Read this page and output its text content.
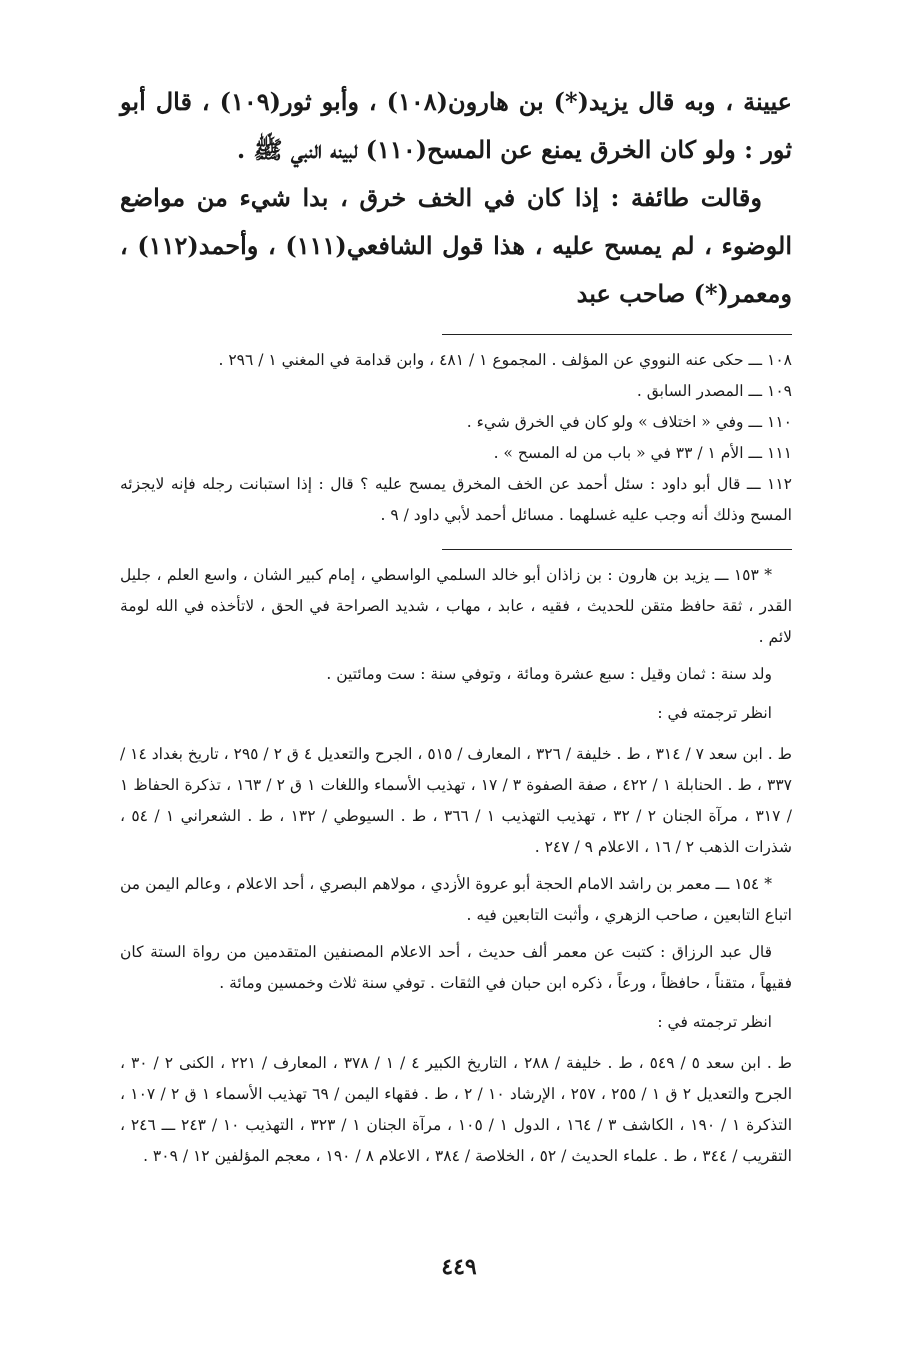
عيينة ، وبه قال يزيد(*) بن هارون(١٠٨) ، وأبو ثور(١٠٩) ، قال أبو ثور : ولو كان الخرق يمنع عن المسح(١١٠) لبينه النبي ﷺ .

وقالت طائفة : إذا كان في الخف خرق ، بدا شيء من مواضع الوضوء ، لم يمسح عليه ، هذا قول الشافعي(١١١) ، وأحمد(١١٢) ، ومعمر(*) صاحب عبد

١٠٨ ـــ حكى عنه النووي عن المؤلف . المجموع ١ / ٤٨١ ، وابن قدامة في المغني ١ / ٢٩٦ .

١٠٩ ـــ المصدر السابق .

١١٠ ـــ وفي « اختلاف » ولو كان في الخرق شيء .

١١١ ـــ الأم ١ / ٣٣ في « باب من له المسح » .

١١٢ ـــ قال أبو داود : سئل أحمد عن الخف المخرق يمسح عليه ؟ قال : إذا استبانت رجله فإنه لايجزئه المسح وذلك أنه وجب عليه غسلهما . مسائل أحمد لأبي داود / ٩ .

* ١٥٣ ـــ يزيد بن هارون : بن زاذان أبو خالد السلمي الواسطي ، إمام كبير الشان ، واسع العلم ، جليل القدر ، ثقة حافظ متقن للحديث ، فقيه ، عابد ، مهاب ، شديد الصراحة في الحق ، لاتأخذه في الله لومة لائم .

ولد سنة : ثمان وقيل : سبع عشرة ومائة ، وتوفي سنة : ست ومائتين .

انظر ترجمته في :

ط . ابن سعد ٧ / ٣١٤ ، ط . خليفة / ٣٢٦ ، المعارف / ٥١٥ ، الجرح والتعديل ٤ ق ٢ / ٢٩٥ ، تاريخ بغداد ١٤ / ٣٣٧ ، ط . الحنابلة ١ / ٤٢٢ ، صفة الصفوة ٣ / ١٧ ، تهذيب الأسماء واللغات ١ ق ٢ / ١٦٣ ، تذكرة الحفاظ ١ / ٣١٧ ، مرآة الجنان ٢ / ٣٢ ، تهذيب التهذيب ١ / ٣٦٦ ، ط . السيوطي / ١٣٢ ، ط . الشعراني ١ / ٥٤ ، شذرات الذهب ٢ / ١٦ ، الاعلام ٩ / ٢٤٧ .

* ١٥٤ ـــ معمر بن راشد الامام الحجة أبو عروة الأزدي ، مولاهم البصري ، أحد الاعلام ، وعالم اليمن من اتباع التابعين ، صاحب الزهري ، وأثبت التابعين فيه .

قال عبد الرزاق : كتبت عن معمر ألف حديث ، أحد الاعلام المصنفين المتقدمين من رواة الستة كان فقيهاً ، متقناً ، حافظاً ، ورعاً ، ذكره ابن حبان في الثقات . توفي سنة ثلاث وخمسين ومائة .

انظر ترجمته في :

ط . ابن سعد ٥ / ٥٤٩ ، ط . خليفة / ٢٨٨ ، التاريخ الكبير ٤ / ١ / ٣٧٨ ، المعارف / ٢٢١ ، الكنى ٢ / ٣٠ ، الجرح والتعديل ٢ ق ١ / ٢٥٥ ، ٢٥٧ ، الإرشاد ١٠ / ٢ ، ط . فقهاء اليمن / ٦٩ تهذيب الأسماء ١ ق ٢ / ١٠٧ ، التذكرة ١ / ١٩٠ ، الكاشف ٣ / ١٦٤ ، الدول ١ / ١٠٥ ، مرآة الجنان ١ / ٣٢٣ ، التهذيب ١٠ / ٢٤٣ ـــ ٢٤٦ ، التقريب / ٣٤٤ ، ط . علماء الحديث / ٥٢ ، الخلاصة / ٣٨٤ ، الاعلام ٨ / ١٩٠ ، معجم المؤلفين ١٢ / ٣٠٩ .

٤٤٩
